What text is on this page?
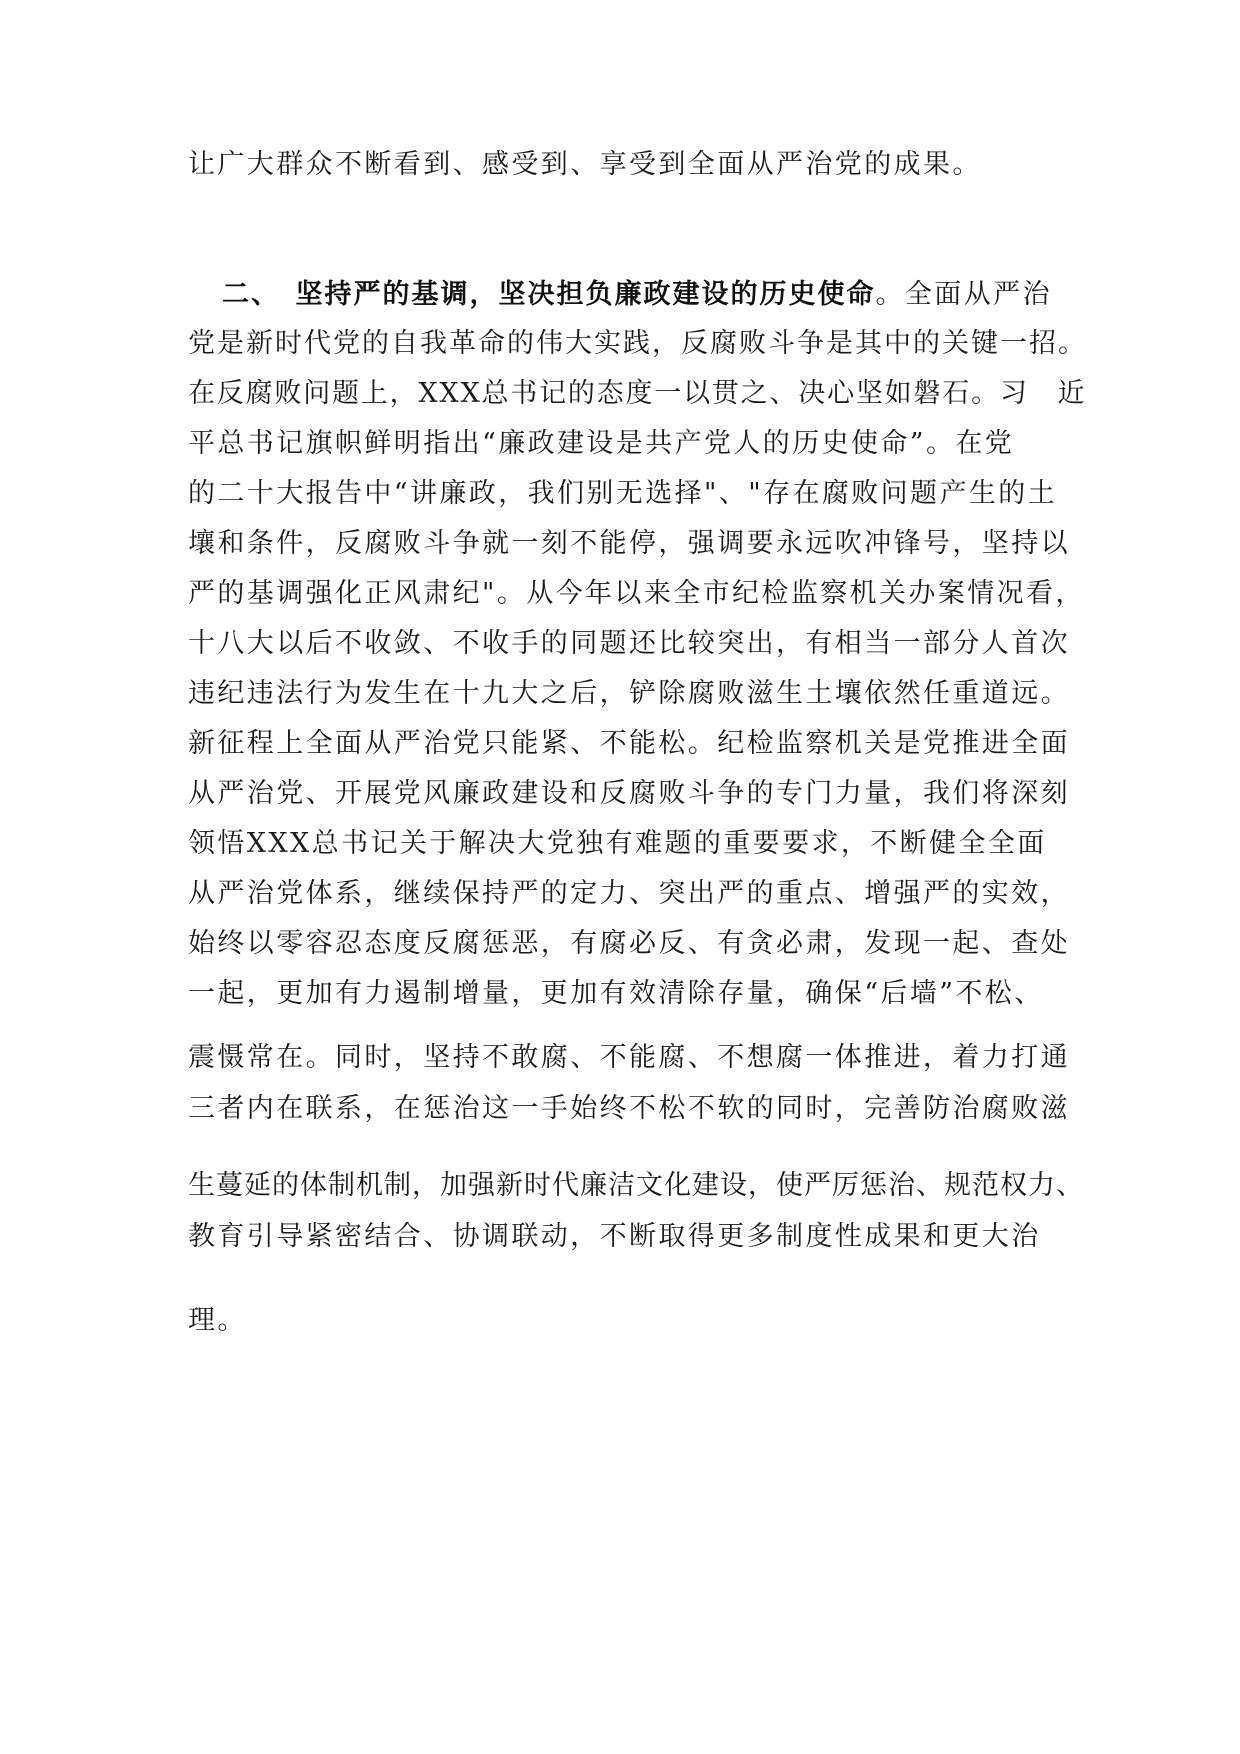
让广大群众不断看到、感受到、享受到全面从严治党的成果。
二、　坚持严的基调，坚决担负廉政建设的历史使命。全面从严治
党是新时代党的自我革命的伟大实践，反腐败斗争是其中的关键一招。
在反腐败问题上，XXX总书记的态度一以贯之、决心坚如磐石。习　近
平总书记旗帜鲜明指出“廉政建设是共产党人的历史使命”。在党
的二十大报告中“讲廉政，我们别无选择"、"存在腐败问题产生的土
壤和条件，反腐败斗争就一刻不能停，强调要永远吹冲锋号，坚持以
严的基调强化正风肃纪"。从今年以来全市纪检监察机关办案情况看，
十八大以后不收敛、不收手的同题还比较突出，有相当一部分人首次
违纪违法行为发生在十九大之后，铲除腐败滋生土壤依然任重道远。
新征程上全面从严治党只能紧、不能松。纪检监察机关是党推进全面
从严治党、开展党风廉政建设和反腐败斗争的专门力量，我们将深刻
领悟XXX总书记关于解决大党独有难题的重要要求，不断健全全面
从严治党体系，继续保持严的定力、突出严的重点、增强严的实效，
始终以零容忍态度反腐惩恶，有腐必反、有贪必肃，发现一起、查处
一起，更加有力遏制增量，更加有效清除存量，确保“后墙”不松、
震慑常在。同时，坚持不敢腐、不能腐、不想腐一体推进，着力打通
三者内在联系，在惩治这一手始终不松不软的同时，完善防治腐败滋
生蔓延的体制机制，加强新时代廉洁文化建设，使严厉惩治、规范权力、
教育引导紧密结合、协调联动，不断取得更多制度性成果和更大治
理。
